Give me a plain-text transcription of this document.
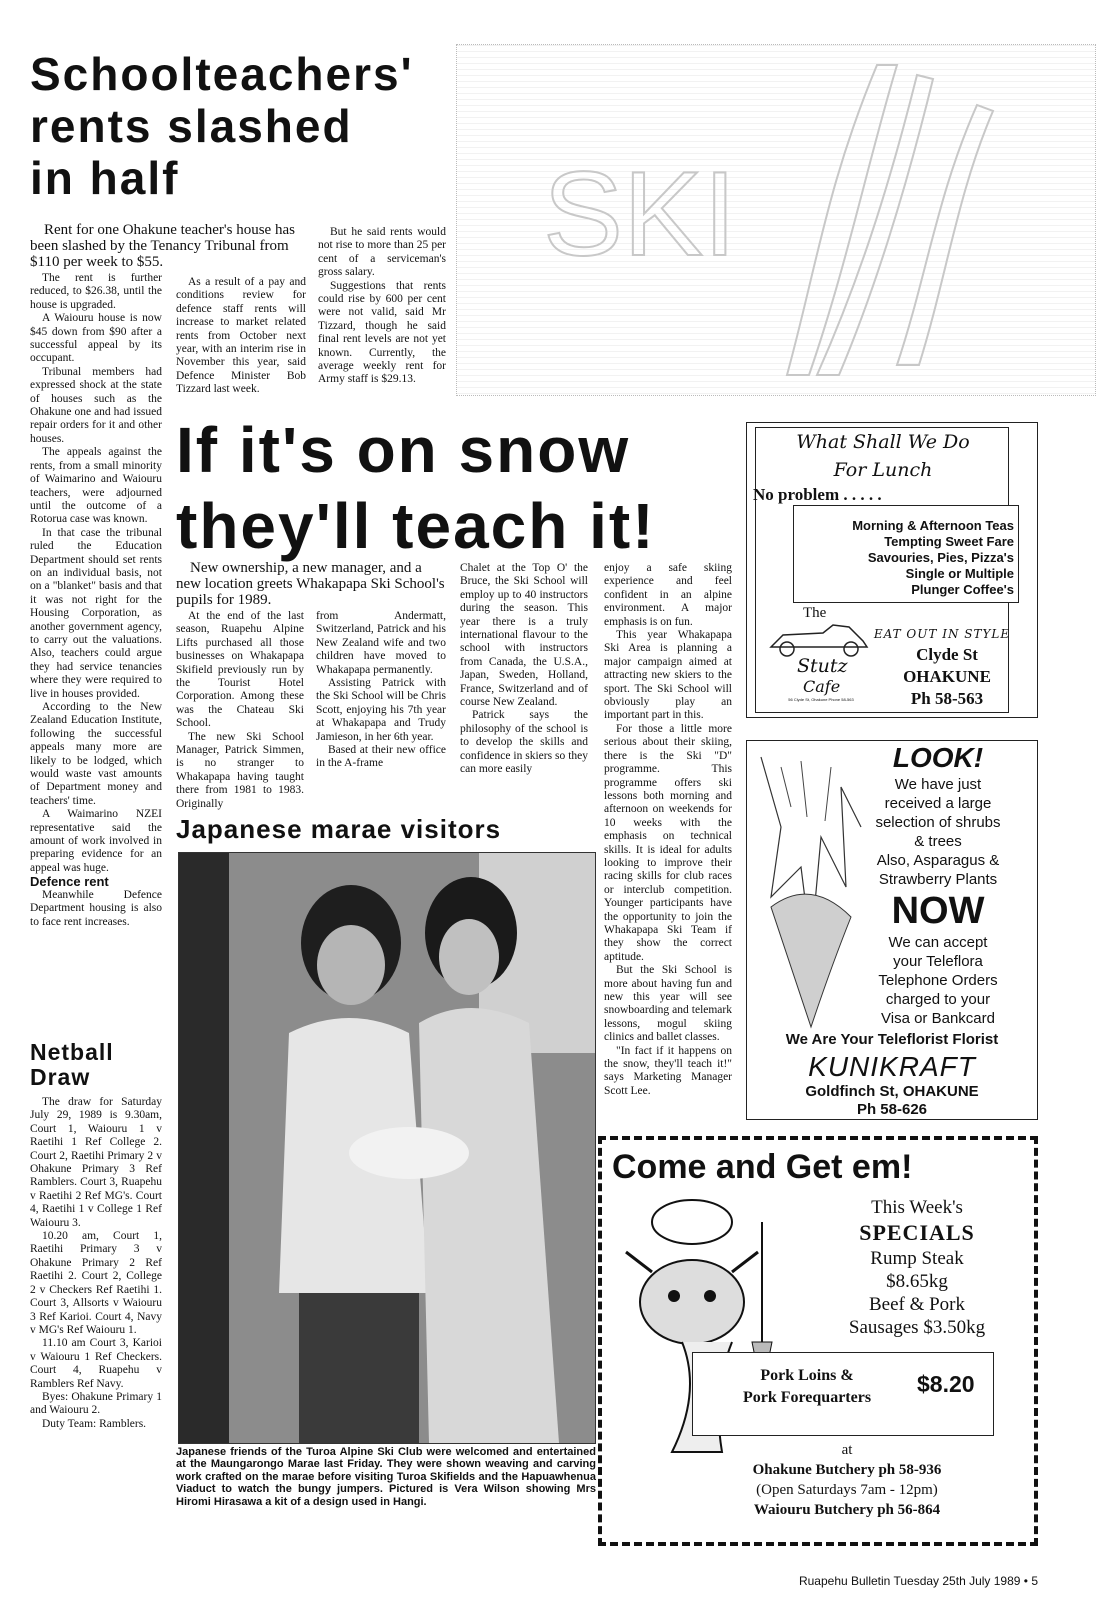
Schoolteachers'
rents slashed
in half
Rent for one Ohakune teacher's house has been slashed by the Tenancy Tribunal from $110 per week to $55.

The rent is further reduced, to $26.38, until the house is upgraded.

A Waiouru house is now $45 down from $90 after a successful appeal by its occupant.

Tribunal members had expressed shock at the state of houses such as the Ohakune one and had issued repair orders for it and other houses.

The appeals against the rents, from a small minority of Waimarino and Waiouru teachers, were adjourned until the outcome of a Rotorua case was known.

In that case the tribunal ruled the Education Department should set rents on an individual basis, not on a "blanket" basis and that it was not right for the Housing Corporation, as another government agency, to carry out the valuations. Also, teachers could argue they had service tenancies where they were required to live in houses provided.

According to the New Zealand Education Institute, following the successful appeals many more are likely to be lodged, which would waste vast amounts of Department money and teachers' time.

A Waimarino NZEI representative said the amount of work involved in preparing evidence for an appeal was huge.

Defence rent

Meanwhile Defence Department housing is also to face rent increases.

As a result of a pay and conditions review for defence staff rents will increase to market related rents from October next year, with an interim rise in November this year, said Defence Minister Bob Tizzard last week.

But he said rents would not rise to more than 25 per cent of a serviceman's gross salary.

Suggestions that rents could rise by 600 per cent were not valid, said Mr Tizzard, though he said final rent levels are not yet known. Currently, the average weekly rent for Army staff is $29.13.

Netball
Draw

The draw for Saturday July 29, 1989 is 9.30am, Court 1, Waiouru 1 v Raetihi 1 Ref College 2. Court 2, Raetihi Primary 2 v Ohakune Primary 3 Ref Ramblers. Court 3, Ruapehu v Raetihi 2 Ref MG's. Court 4, Raetihi 1 v College 1 Ref Waiouru 3.

10.20 am, Court 1, Raetihi Primary 3 v Ohakune Primary 2 Ref Raetihi 2. Court 2, College 2 v Checkers Ref Raetihi 1. Court 3, Allsorts v Waiouru 3 Ref Karioi. Court 4, Navy v MG's Ref Waiouru 1.

11.10 am Court 3, Karioi v Waiouru 1 Ref Checkers. Court 4, Ruapehu v Ramblers Ref Navy.

Byes: Ohakune Primary 1 and Waiouru 2.

Duty Team: Ramblers.

SKI
If it's on snow
they'll teach it!
New ownership, a new manager, and a new location greets Whakapapa Ski School's pupils for 1989.

At the end of the last season, Ruapehu Alpine Lifts purchased all those businesses on Whakapapa Skifield previously run by the Tourist Hotel Corporation. Among these was the Chateau Ski School.

The new Ski School Manager, Patrick Simmen, is no stranger to Whakapapa having taught there from 1981 to 1983. Originally

from Andermatt, Switzerland, Patrick and his New Zealand wife and two children have moved to Whakapapa permanently.

Assisting Patrick with the Ski School will be Chris Scott, enjoying his 7th year at Whakapapa and Trudy Jamieson, in her 6th year.

Based at their new office in the A-frame

Chalet at the Top O' the Bruce, the Ski School will employ up to 40 instructors during the season. This year there is a truly international flavour to the school with instructors from Canada, the U.S.A., Japan, Sweden, Holland, France, Switzerland and of course New Zealand.

Patrick says the philosophy of the school is to develop the skills and confidence in skiers so they can more easily

enjoy a safe skiing experience and feel confident in an alpine environment. A major emphasis is on fun.

This year Whakapapa Ski Area is planning a major campaign aimed at attracting new skiers to the sport. The Ski School will obviously play an important part in this.

For those a little more serious about their skiing, there is the Ski "D" programme. This programme offers ski lessons both morning and afternoon on weekends for 10 weeks with the emphasis on technical skills. It is ideal for adults looking to improve their racing skills for club races or interclub competition. Younger participants have the opportunity to join the Whakapapa Ski Team if they show the correct aptitude.

But the Ski School is more about having fun and new this year will see snowboarding and telemark lessons, mogul skiing clinics and ballet classes.

"In fact if it happens on the snow, they'll teach it!" says Marketing Manager Scott Lee.

Japanese marae visitors
Japanese friends of the Turoa Alpine Ski Club were welcomed and entertained at the Maungarongo Marae last Friday. They were shown weaving and carving work crafted on the marae before visiting Turoa Skifields and the Hapuawhenua Viaduct to watch the bungy jumpers. Pictured is Vera Wilson showing Mrs Hiromi Hirasawa a kit of a design used in Hangi.
What Shall We Do
For Lunch
No problem . . . . .
Morning & Afternoon Teas
Tempting Sweet Fare
Savouries, Pies, Pizza's
Single or Multiple
Plunger Coffee's
The
Stutz
Cafe
56 Clyde St, Ohakune Phone 58-563
EAT OUT IN STYLE
Clyde St
OHAKUNE
Ph 58-563
LOOK!
We have just
received a large
selection of shrubs
& trees
Also, Asparagus &
Strawberry Plants
NOW
We can accept
your Teleflora
Telephone Orders
charged to your
Visa or Bankcard
We Are Your Teleflorist Florist
KUNIKRAFT
Goldfinch St, OHAKUNE
Ph 58-626
Come and Get em!
This Week's
SPECIALS
Rump Steak
$8.65kg
Beef & Pork
Sausages $3.50kg
Pork Loins &
Pork Forequarters
$8.20
at
Ohakune Butchery ph 58-936
(Open Saturdays 7am - 12pm)
Waiouru Butchery ph 56-864
Ruapehu Bulletin Tuesday 25th July 1989 • 5
